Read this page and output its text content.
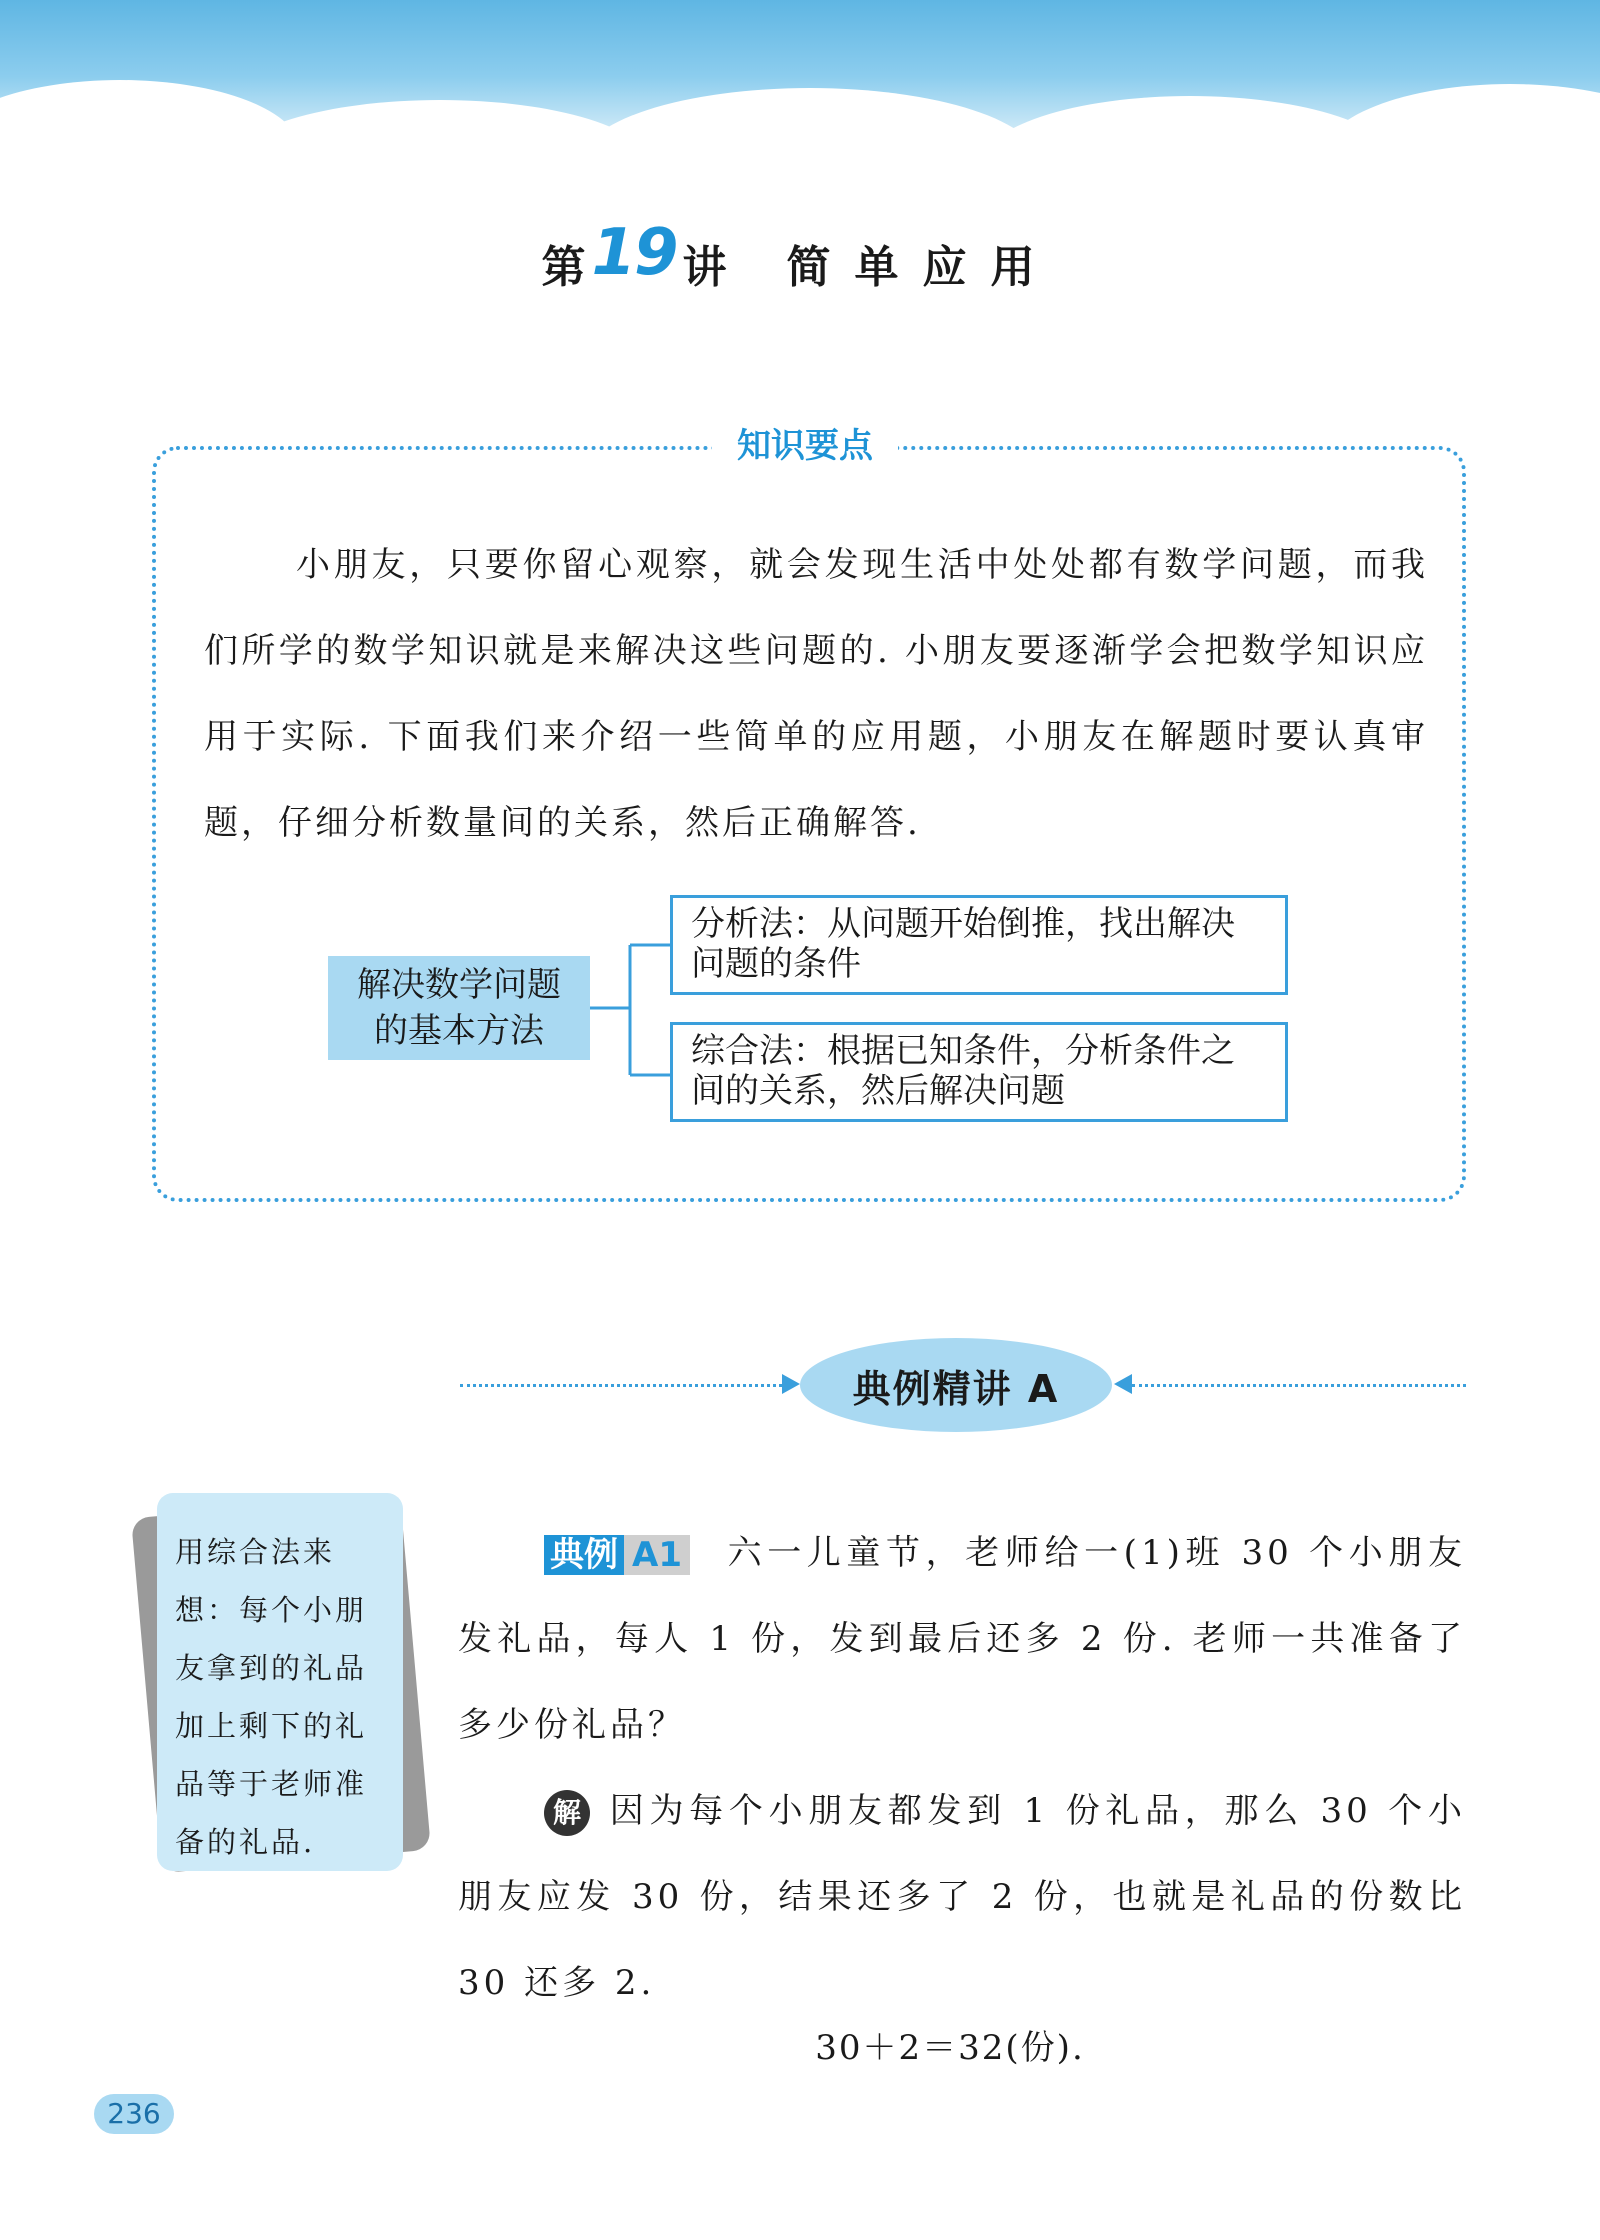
第 19 讲 简单应用
知识要点

小朋友，只要你留心观察，就会发现生活中处处都有数学问题，而我们所学的数学知识就是来解决这些问题的. 小朋友要逐渐学会把数学知识应用于实际. 下面我们来介绍一些简单的应用题，小朋友在解题时要认真审题，仔细分析数量间的关系，然后正确解答.

解决数学问题
的基本方法
分析法：从问题开始倒推，找出解决问题的条件
综合法：根据已知条件，分析条件之间的关系，然后解决问题
典例精讲 A
用综合法来想：每个小朋友拿到的礼品加上剩下的礼品等于老师准备的礼品.

典例 A1 六一儿童节，老师给一(1)班 30 个小朋友发礼品，每人 1 份，发到最后还多 2 份. 老师一共准备了多少份礼品？

解 因为每个小朋友都发到 1 份礼品，那么 30 个小朋友应发 30 份，结果还多了 2 份，也就是礼品的份数比 30 还多 2.

30＋2＝32(份).
236
